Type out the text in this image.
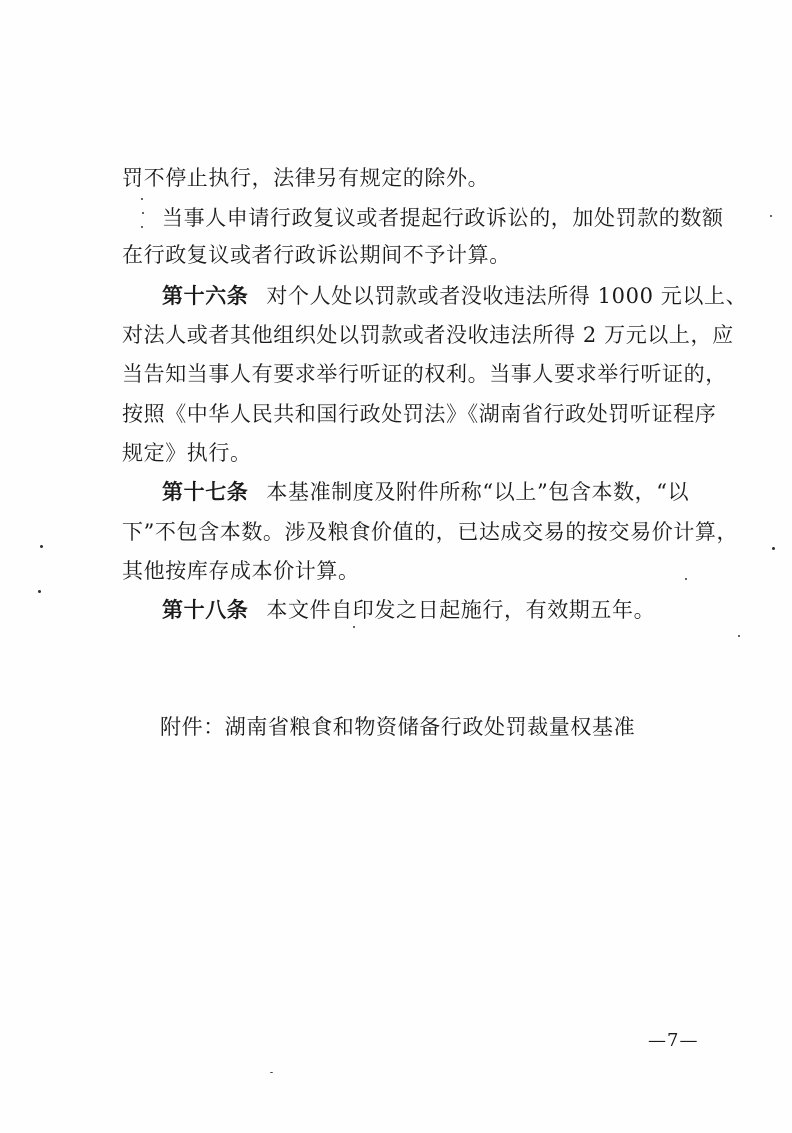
罚不停止执行，法律另有规定的除外。
当事人申请行政复议或者提起行政诉讼的，加处罚款的数额
在行政复议或者行政诉讼期间不予计算。
第十六条 对个人处以罚款或者没收违法所得 1000 元以上、
对法人或者其他组织处以罚款或者没收违法所得 2 万元以上，应
当告知当事人有要求举行听证的权利。当事人要求举行听证的，
按照《中华人民共和国行政处罚法》《湖南省行政处罚听证程序
规定》执行。
第十七条 本基准制度及附件所称“以上”包含本数，“以
下”不包含本数。涉及粮食价值的，已达成交易的按交易价计算，
其他按库存成本价计算。
第十八条 本文件自印发之日起施行，有效期五年。
附件：湖南省粮食和物资储备行政处罚裁量权基准
—7—
